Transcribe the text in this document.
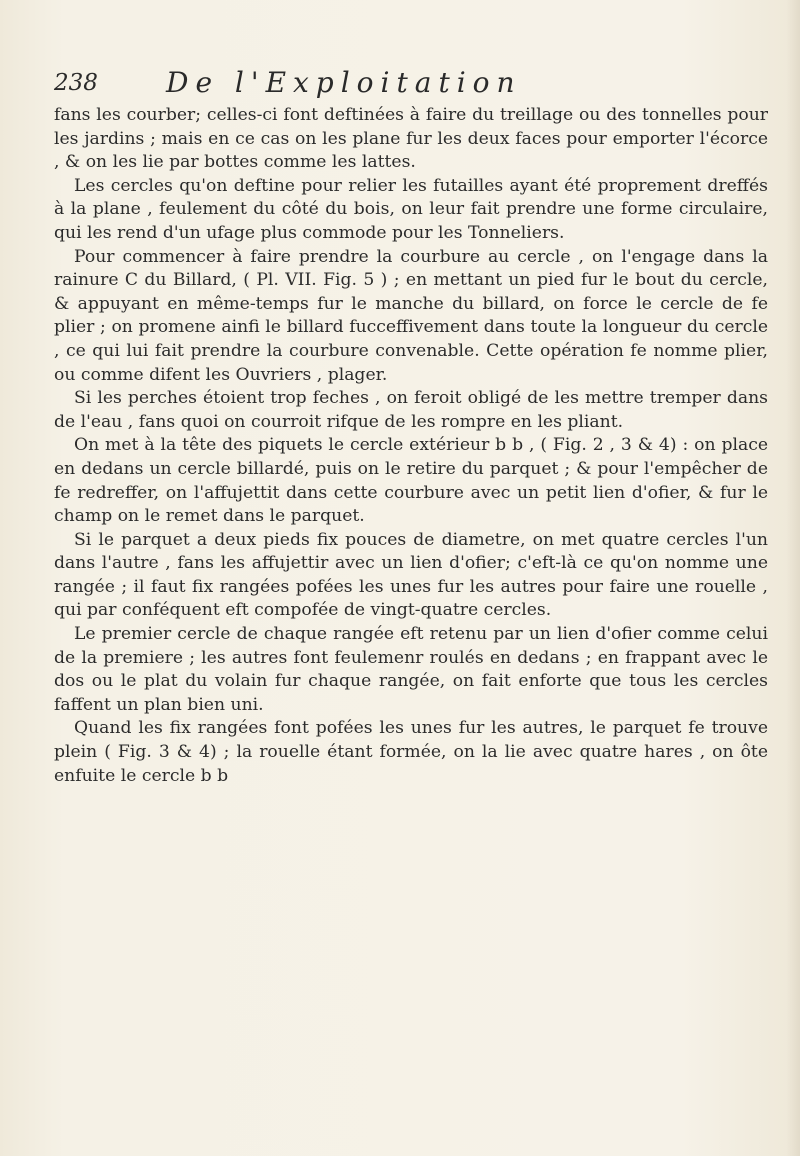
238 De l'Exploitation

fans les courber; celles-ci font deftinées à faire du treillage ou des tonnelles pour les jardins ; mais en ce cas on les plane fur les deux faces pour emporter l'écorce , & on les lie par bottes comme les lattes.

Les cercles qu'on deftine pour relier les futailles ayant été proprement dreffés à la plane , feulement du côté du bois, on leur fait prendre une forme circulaire, qui les rend d'un ufage plus commode pour les Tonneliers.

Pour commencer à faire prendre la courbure au cercle , on l'engage dans la rainure C du Billard, ( Pl. VII. Fig. 5 ) ; en mettant un pied fur le bout du cercle, & appuyant en même-temps fur le manche du billard, on force le cercle de fe plier ; on promene ainfi le billard fucceffivement dans toute la longueur du cercle , ce qui lui fait prendre la courbure convenable. Cette opération fe nomme plier, ou comme difent les Ouvriers , plager.

Si les perches étoient trop feches , on feroit obligé de les mettre tremper dans de l'eau , fans quoi on courroit rifque de les rompre en les pliant.

On met à la tête des piquets le cercle extérieur b b , ( Fig. 2 , 3 & 4) : on place en dedans un cercle billardé, puis on le retire du parquet ; & pour l'empêcher de fe redreffer, on l'affujettit dans cette courbure avec un petit lien d'ofier, & fur le champ on le remet dans le parquet.

Si le parquet a deux pieds fix pouces de diametre, on met quatre cercles l'un dans l'autre , fans les affujettir avec un lien d'ofier; c'eft-là ce qu'on nomme une rangée ; il faut fix rangées pofées les unes fur les autres pour faire une rouelle , qui par conféquent eft compofée de vingt-quatre cercles.

Le premier cercle de chaque rangée eft retenu par un lien d'ofier comme celui de la premiere ; les autres font feulemenr roulés en dedans ; en frappant avec le dos ou le plat du volain fur chaque rangée, on fait enforte que tous les cercles faffent un plan bien uni.

Quand les fix rangées font pofées les unes fur les autres, le parquet fe trouve plein ( Fig. 3 & 4) ; la rouelle étant formée, on la lie avec quatre hares , on ôte enfuite le cercle b b
